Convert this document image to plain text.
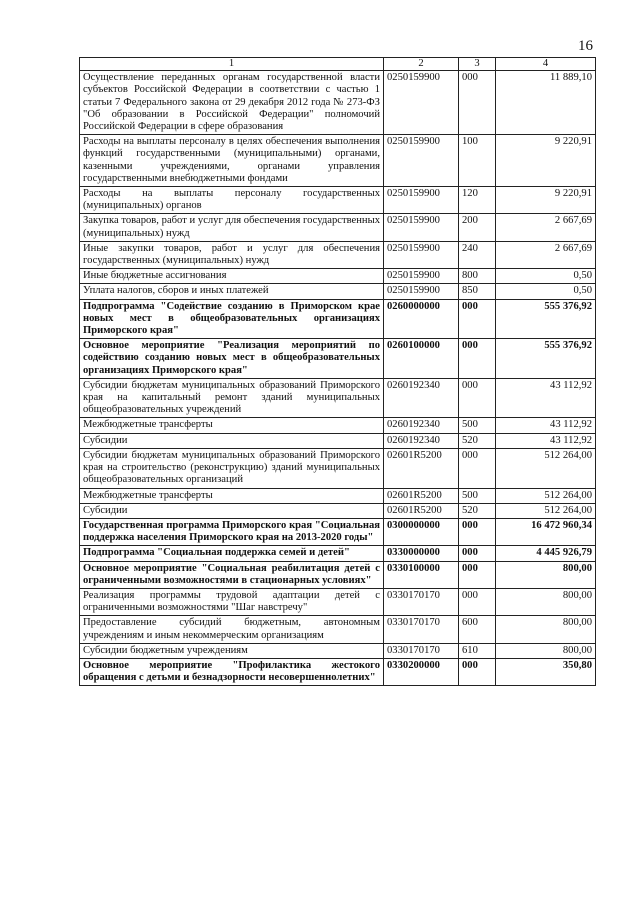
16
1	2	3	4
Осуществление переданных органам государственной власти субъектов Российской Федерации в соответствии с частью 1 статьи 7 Федерального закона от 29 декабря 2012 года № 273-ФЗ "Об образовании в Российской Федерации" полномочий Российской Федерации в сфере образования	0250159900	000	11 889,10
Расходы на выплаты персоналу в целях обеспечения выполнения функций государственными (муниципальными) органами, казенными учреждениями, органами управления государственными внебюджетными фондами	0250159900	100	9 220,91
Расходы на выплаты персоналу государственных (муниципальных) органов	0250159900	120	9 220,91
Закупка товаров, работ и услуг для обеспечения государственных (муниципальных) нужд	0250159900	200	2 667,69
Иные закупки товаров, работ и услуг для обеспечения государственных (муниципальных) нужд	0250159900	240	2 667,69
Иные бюджетные ассигнования	0250159900	800	0,50
Уплата налогов, сборов и иных платежей	0250159900	850	0,50
Подпрограмма "Содействие созданию в Приморском крае новых мест в общеобразовательных организациях Приморского края"	0260000000	000	555 376,92
Основное мероприятие "Реализация мероприятий по содействию созданию новых мест в общеобразовательных организациях Приморского края"	0260100000	000	555 376,92
Субсидии бюджетам муниципальных образований Приморского края на капитальный ремонт зданий муниципальных общеобразовательных учреждений	0260192340	000	43 112,92
Межбюджетные трансферты	0260192340	500	43 112,92
Субсидии	0260192340	520	43 112,92
Субсидии бюджетам муниципальных образований Приморского края на строительство (реконструкцию) зданий муниципальных общеобразовательных организаций	02601R5200	000	512 264,00
Межбюджетные трансферты	02601R5200	500	512 264,00
Субсидии	02601R5200	520	512 264,00
Государственная программа Приморского края "Социальная поддержка населения Приморского края на 2013-2020 годы"	0300000000	000	16 472 960,34
Подпрограмма "Социальная поддержка семей и детей"	0330000000	000	4 445 926,79
Основное мероприятие "Социальная реабилитация детей с ограниченными возможностями в стационарных условиях"	0330100000	000	800,00
Реализация программы трудовой адаптации детей с ограниченными возможностями "Шаг навстречу"	0330170170	000	800,00
Предоставление субсидий бюджетным, автономным учреждениям и иным некоммерческим организациям	0330170170	600	800,00
Субсидии бюджетным учреждениям	0330170170	610	800,00
Основное мероприятие "Профилактика жестокого обращения с детьми и безнадзорности несовершеннолетних"	0330200000	000	350,80
